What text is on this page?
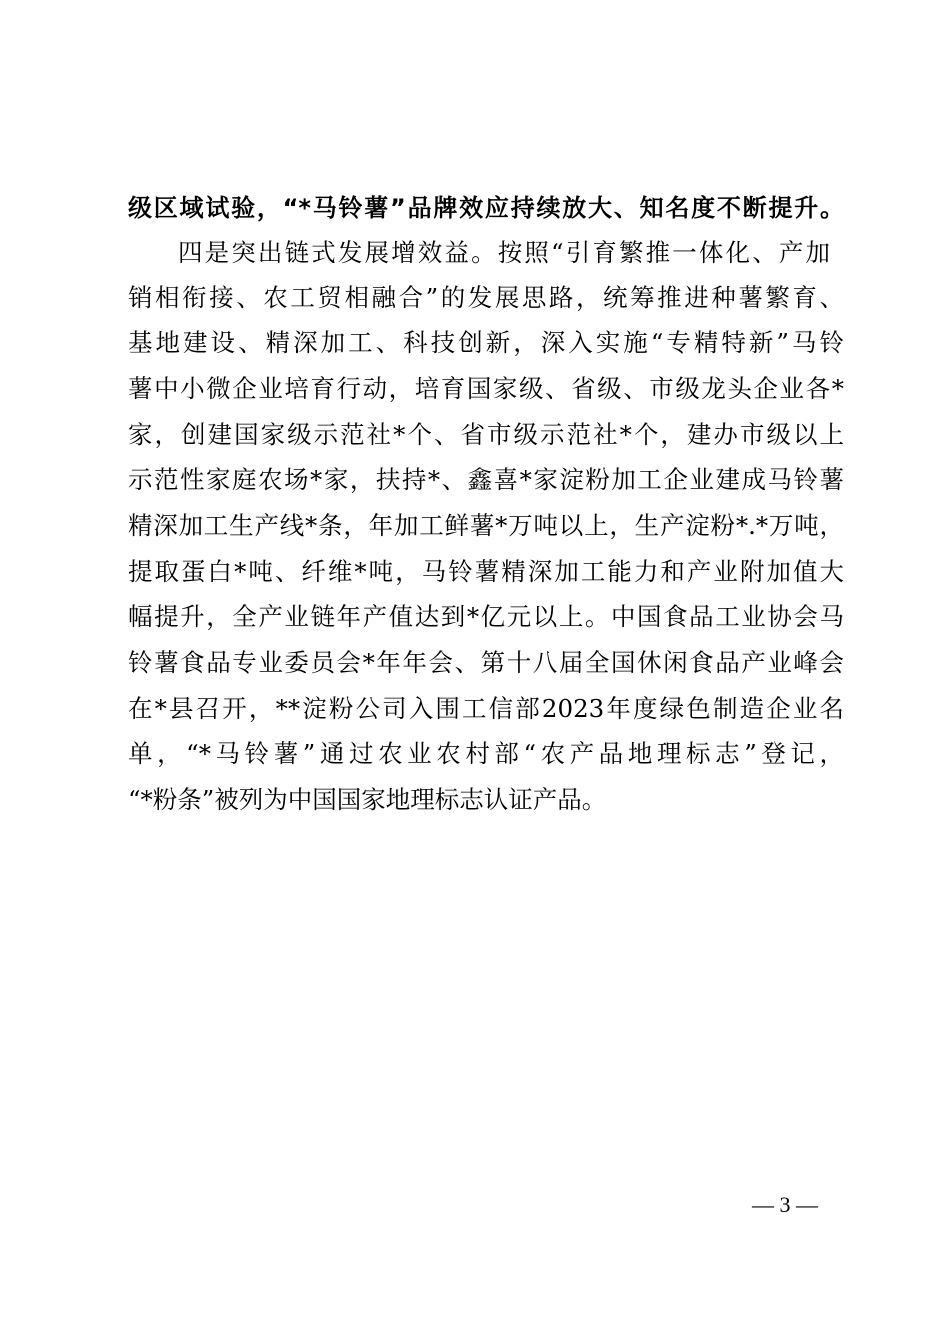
级区域试验，“*马铃薯”品牌效应持续放大、知名度不断提升。
四是突出链式发展增效益。按照“引育繁推一体化、产加
销相衔接、农工贸相融合”的发展思路，统筹推进种薯繁育、
基地建设、精深加工、科技创新，深入实施“专精特新”马铃
薯中小微企业培育行动，培育国家级、省级、市级龙头企业各*
家，创建国家级示范社*个、省市级示范社*个，建办市级以上
示范性家庭农场*家，扶持*、鑫喜*家淀粉加工企业建成马铃薯
精深加工生产线*条，年加工鲜薯*万吨以上，生产淀粉*.*万吨，
提取蛋白*吨、纤维*吨，马铃薯精深加工能力和产业附加值大
幅提升，全产业链年产值达到*亿元以上。中国食品工业协会马
铃薯食品专业委员会*年年会、第十八届全国休闲食品产业峰会
在*县召开，**淀粉公司入围工信部2023年度绿色制造企业名
单，“*马铃薯”通过农业农村部“农产品地理标志”登记，
“*粉条”被列为中国国家地理标志认证产品。
— 3 —
